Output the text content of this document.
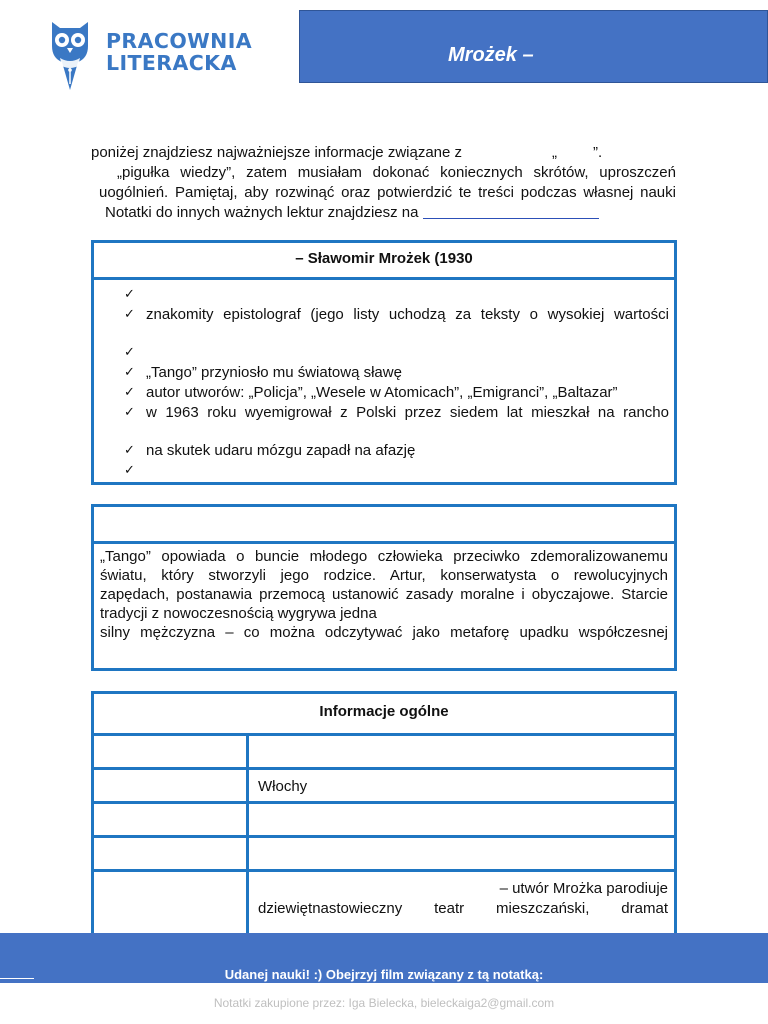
PRACOWNIA
LITERACKA	Mrożek –
poniżej znajdziesz najważniejsze informacje związane z	„ ”.
„pigułka wiedzy”, zatem musiałam dokonać koniecznych skrótów, uproszczeń
uogólnień. Pamiętaj, aby rozwinąć oraz potwierdzić te treści podczas własnej nauki
Notatki do innych ważnych lektur znajdziesz na
– Sławomir Mrożek (1930
✓
✓ znakomity epistolograf (jego listy uchodzą za teksty o wysokiej wartości
✓
✓ „Tango” przyniosło mu światową sławę
✓ autor utworów: „Policja”, „Wesele w Atomicach”, „Emigranci”, „Baltazar”
✓ w 1963 roku wyemigrował z Polski przez siedem lat mieszkał na rancho
✓ na skutek udaru mózgu zapadł na afazję
✓
„Tango” opowiada o buncie młodego człowieka przeciwko zdemoralizowanemu
światu, który stworzyli jego rodzice. Artur, konserwatysta o rewolucyjnych
zapędach, postanawia przemocą ustanowić zasady moralne i obyczajowe. Starcie
tradycji z nowoczesnością wygrywa jedna
silny mężczyzna – co można odczytywać jako metaforę upadku współczesnej
Informacje ogólne
Włochy
– utwór Mrożka parodiuje
dziewiętnastowieczny teatr mieszczański, dramat
Udanej nauki! :) Obejrzyj film związany z tą notatką:
Notatki zakupione przez: Iga Bielecka, bieleckaiga2@gmail.com
